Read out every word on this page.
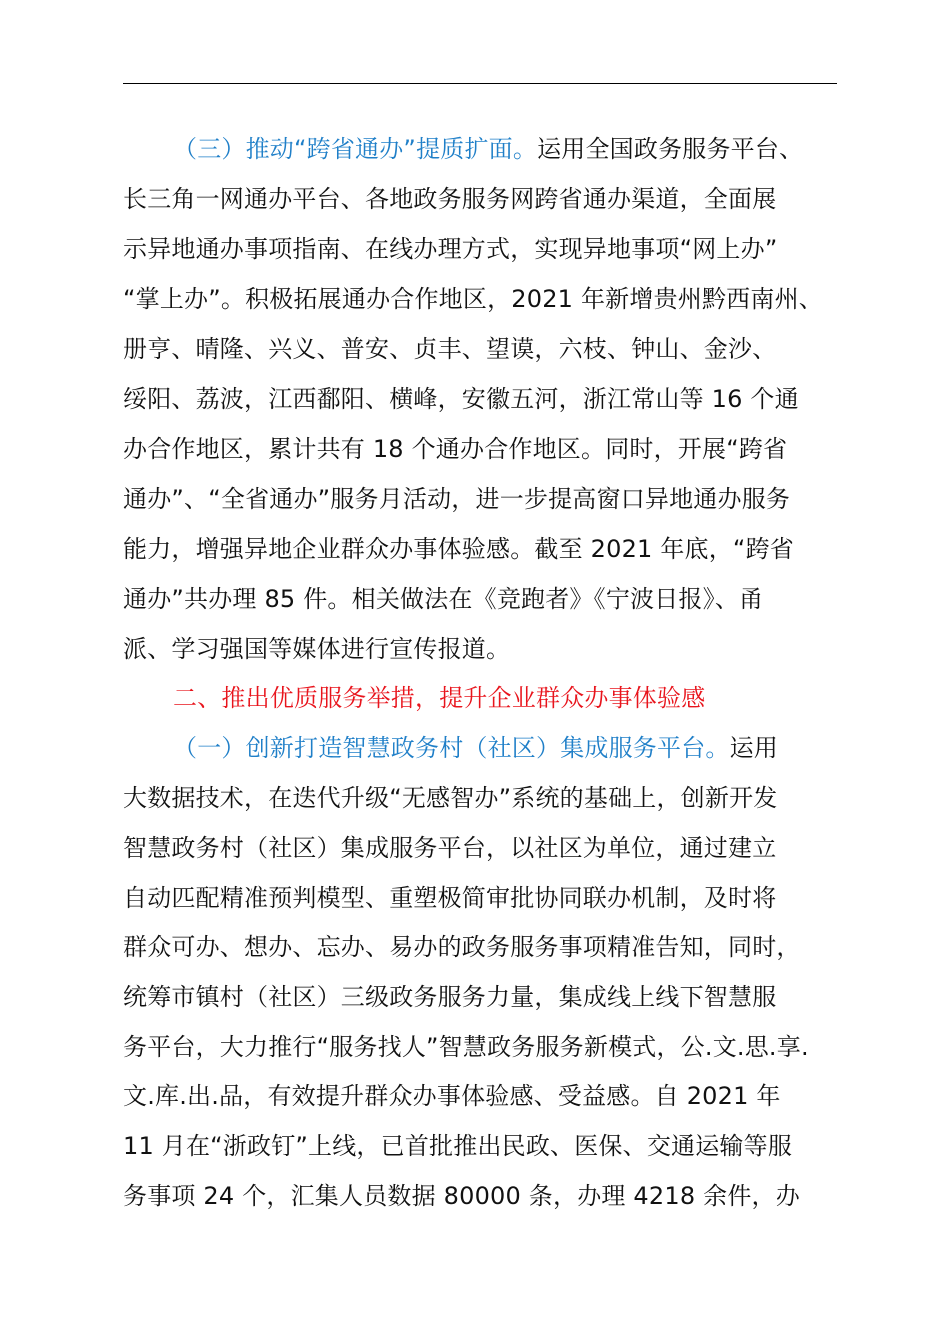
（三）推动“跨省通办”提质扩面。运用全国政务服务平台、
长三角一网通办平台、各地政务服务网跨省通办渠道，全面展
示异地通办事项指南、在线办理方式，实现异地事项“网上办”
“掌上办”。积极拓展通办合作地区，2021 年新增贵州黔西南州、
册亨、晴隆、兴义、普安、贞丰、望谟，六枝、钟山、金沙、
绥阳、荔波，江西鄱阳、横峰，安徽五河，浙江常山等 16 个通
办合作地区，累计共有 18 个通办合作地区。同时，开展“跨省
通办”、“全省通办”服务月活动，进一步提高窗口异地通办服务
能力，增强异地企业群众办事体验感。截至 2021 年底，“跨省
通办”共办理 85 件。相关做法在《竞跑者》《宁波日报》、甬
派、学习强国等媒体进行宣传报道。
二、推出优质服务举措，提升企业群众办事体验感
（一）创新打造智慧政务村（社区）集成服务平台。运用
大数据技术，在迭代升级“无感智办”系统的基础上，创新开发
智慧政务村（社区）集成服务平台，以社区为单位，通过建立
自动匹配精准预判模型、重塑极简审批协同联办机制，及时将
群众可办、想办、忘办、易办的政务服务事项精准告知，同时，
统筹市镇村（社区）三级政务服务力量，集成线上线下智慧服
务平台，大力推行“服务找人”智慧政务服务新模式，公.文.思.享.
文.库.出.品，有效提升群众办事体验感、受益感。自 2021 年
11 月在“浙政钉”上线，已首批推出民政、医保、交通运输等服
务事项 24 个，汇集人员数据 80000 条，办理 4218 余件，办
